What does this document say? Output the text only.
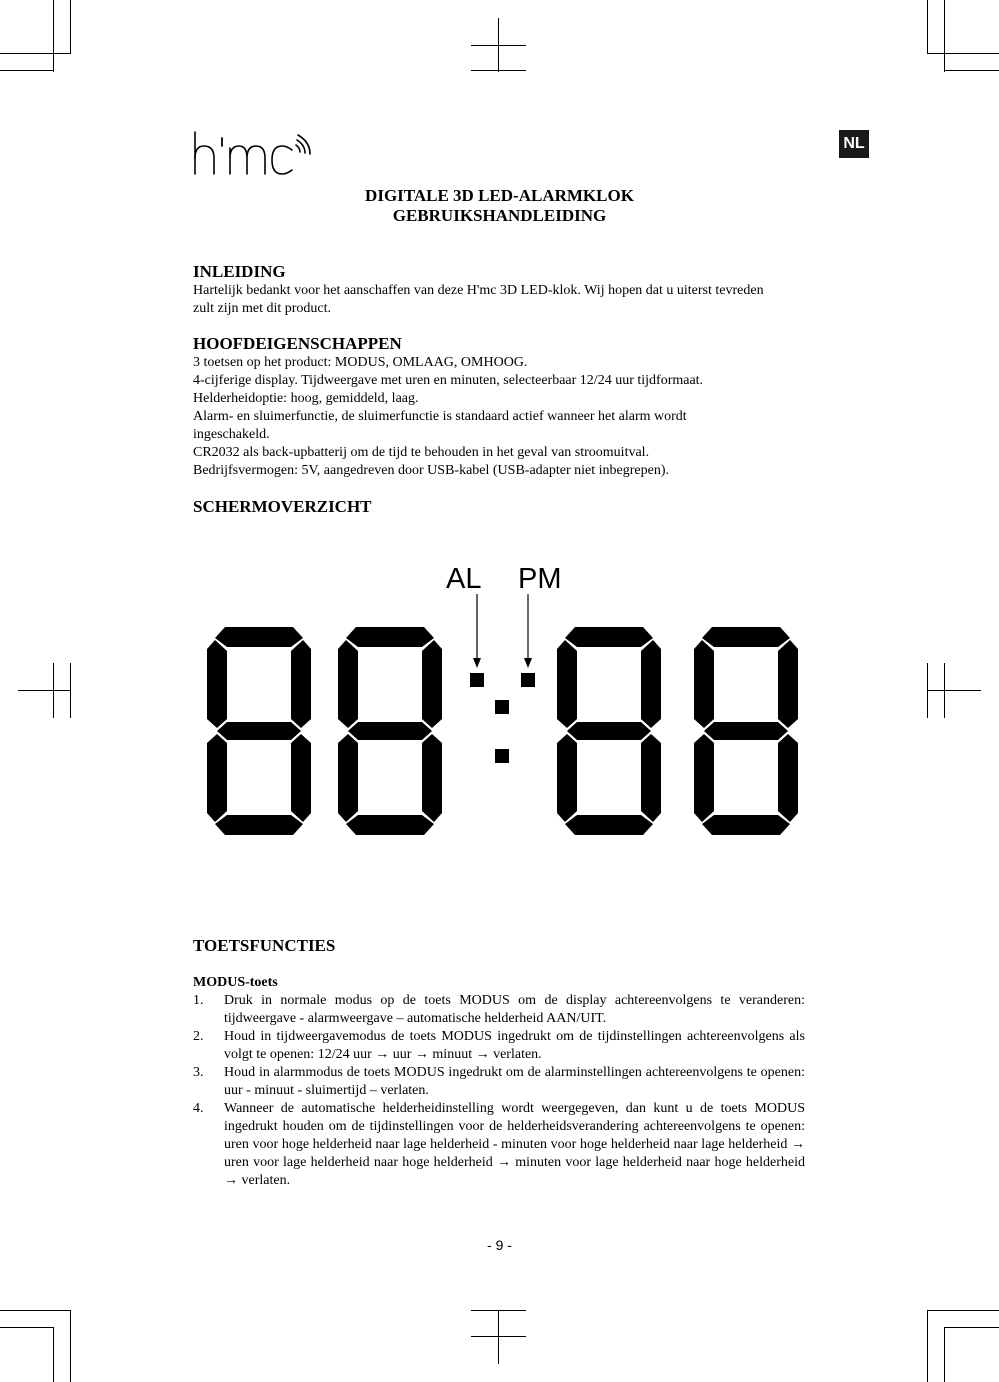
NL
DIGITALE 3D LED-ALARMKLOK
GEBRUIKSHANDLEIDING
INLEIDING
Hartelijk bedankt voor het aanschaffen van deze H'mc 3D LED-klok. Wij hopen dat u uiterst tevreden
zult zijn met dit product.
HOOFDEIGENSCHAPPEN
3 toetsen op het product: MODUS, OMLAAG, OMHOOG.
4-cijferige display. Tijdweergave met uren en minuten, selecteerbaar 12/24 uur tijdformaat.
Helderheidoptie: hoog, gemiddeld, laag.
Alarm- en sluimerfunctie, de sluimerfunctie is standaard actief wanneer het alarm wordt
ingeschakeld.
CR2032 als back-upbatterij om de tijd te behouden in het geval van stroomuitval.
Bedrijfsvermogen: 5V, aangedreven door USB-kabel (USB-adapter niet inbegrepen).
SCHERMOVERZICHT
AL PM
TOETSFUNCTIES
MODUS-toets
1. Druk in normale modus op de toets MODUS om de display achtereenvolgens te veranderen: tijdweergave - alarmweergave – automatische helderheid AAN/UIT.
2. Houd in tijdweergavemodus de toets MODUS ingedrukt om de tijdinstellingen achtereenvolgens als volgt te openen: 12/24 uur → uur → minuut → verlaten.
3. Houd in alarmmodus de toets MODUS ingedrukt om de alarminstellingen achtereenvolgens te openen: uur - minuut - sluimertijd – verlaten.
4. Wanneer de automatische helderheidinstelling wordt weergegeven, dan kunt u de toets MODUS ingedrukt houden om de tijdinstellingen voor de helderheidsverandering achtereenvolgens te openen: uren voor hoge helderheid naar lage helderheid - minuten voor hoge helderheid naar lage helderheid → uren voor lage helderheid naar hoge helderheid → minuten voor lage helderheid naar hoge helderheid → verlaten.
- 9 -
